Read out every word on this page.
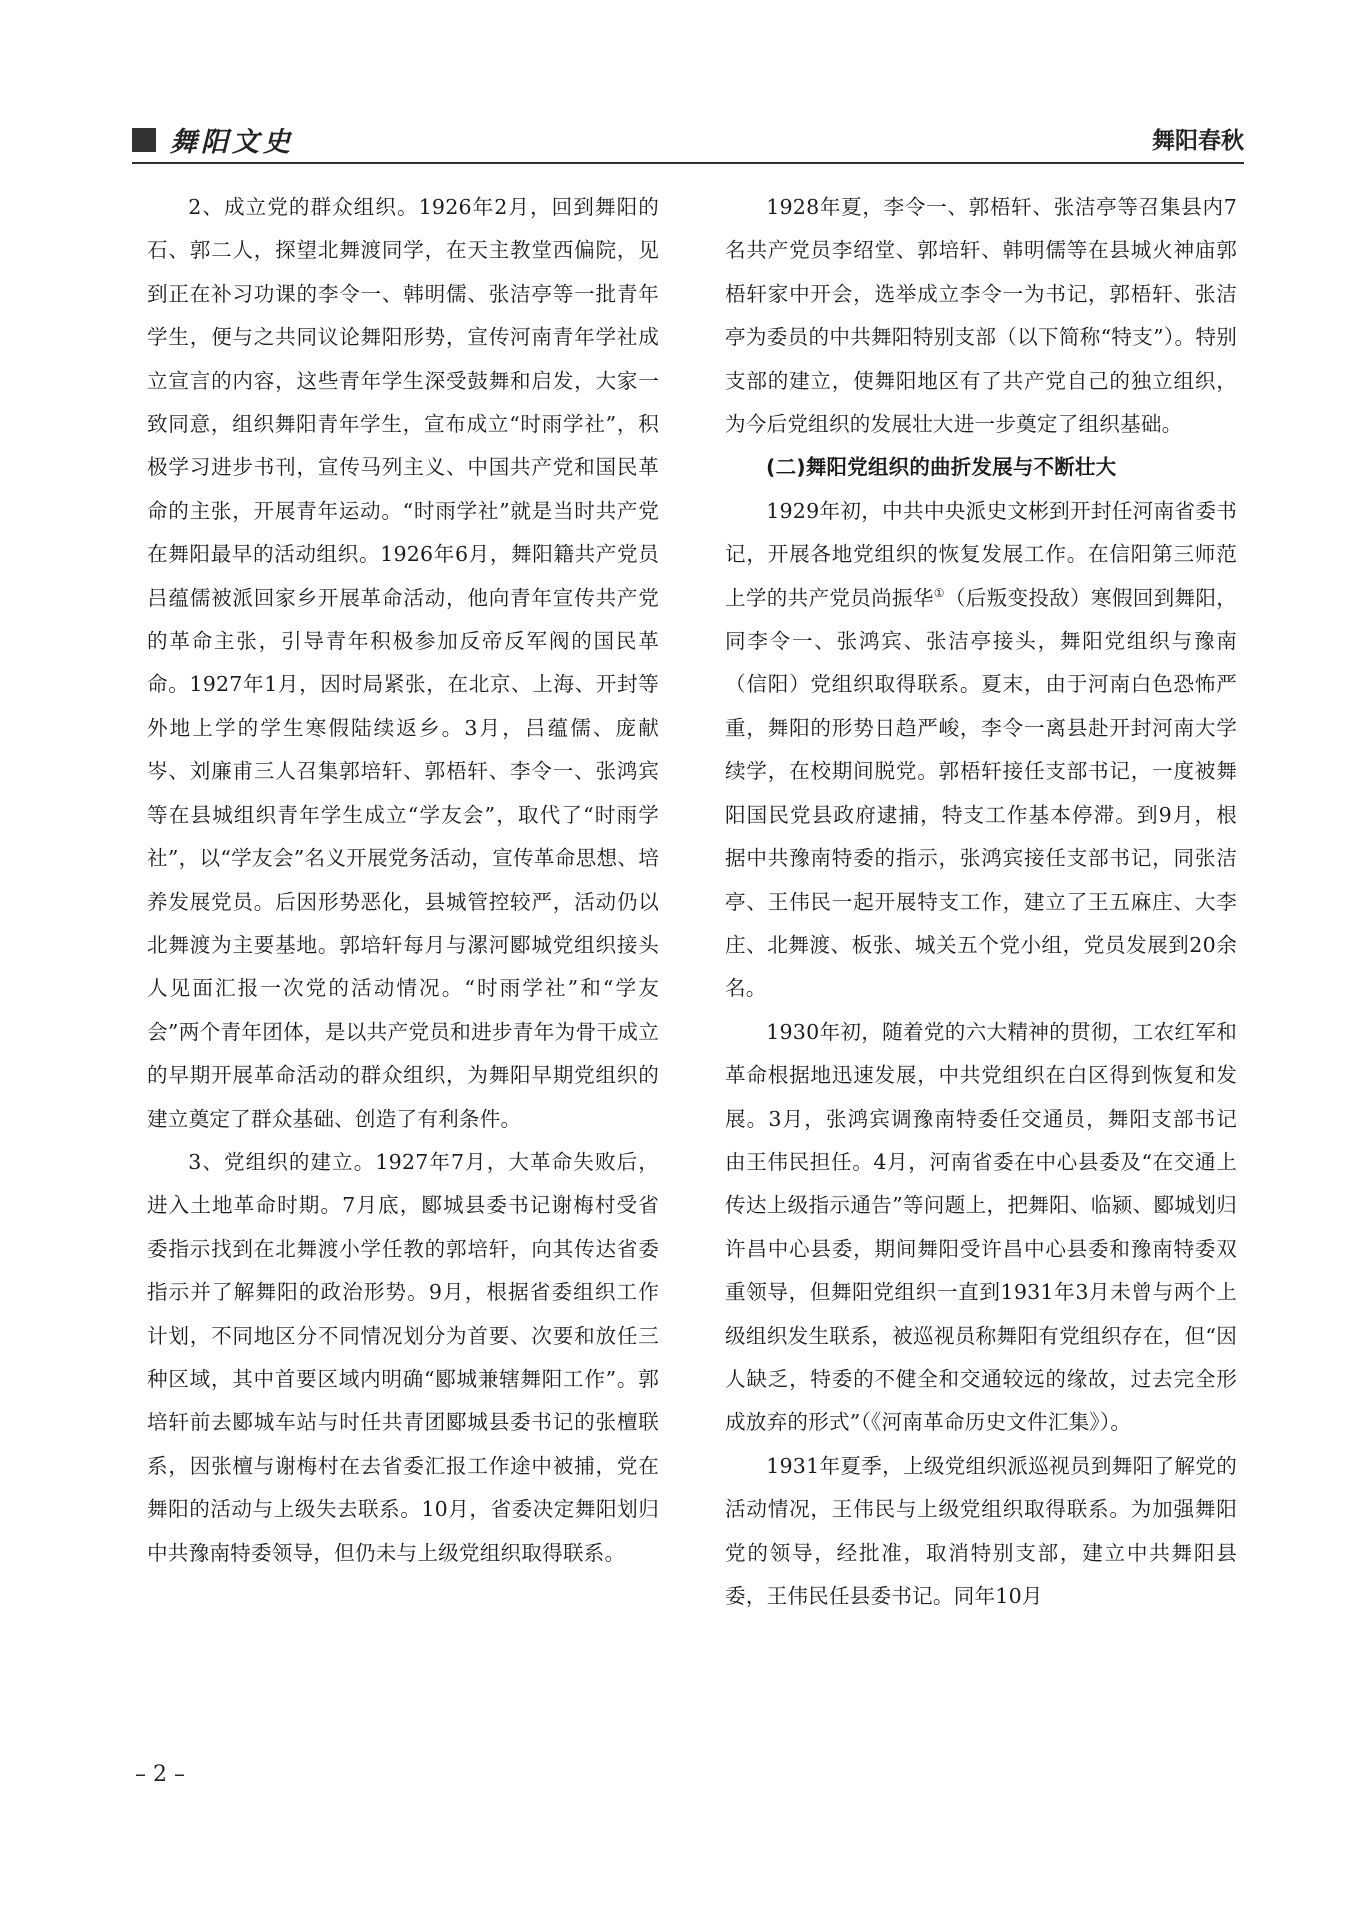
舞阳文史	舞阳春秋

2、成立党的群众组织。1926年2月，回到舞阳的石、郭二人，探望北舞渡同学，在天主教堂西偏院，见到正在补习功课的李令一、韩明儒、张洁亭等一批青年学生，便与之共同议论舞阳形势，宣传河南青年学社成立宣言的内容，这些青年学生深受鼓舞和启发，大家一致同意，组织舞阳青年学生，宣布成立“时雨学社”，积极学习进步书刊，宣传马列主义、中国共产党和国民革命的主张，开展青年运动。“时雨学社”就是当时共产党在舞阳最早的活动组织。1926年6月，舞阳籍共产党员吕蕴儒被派回家乡开展革命活动，他向青年宣传共产党的革命主张，引导青年积极参加反帝反军阀的国民革命。1927年1月，因时局紧张，在北京、上海、开封等外地上学的学生寒假陆续返乡。3月，吕蕴儒、庞献岑、刘廉甫三人召集郭培轩、郭梧轩、李令一、张鸿宾等在县城组织青年学生成立“学友会”，取代了“时雨学社”，以“学友会”名义开展党务活动，宣传革命思想、培养发展党员。后因形势恶化，县城管控较严，活动仍以北舞渡为主要基地。郭培轩每月与漯河郾城党组织接头人见面汇报一次党的活动情况。“时雨学社”和“学友会”两个青年团体，是以共产党员和进步青年为骨干成立的早期开展革命活动的群众组织，为舞阳早期党组织的建立奠定了群众基础、创造了有利条件。

3、党组织的建立。1927年7月，大革命失败后，进入土地革命时期。7月底，郾城县委书记谢梅村受省委指示找到在北舞渡小学任教的郭培轩，向其传达省委指示并了解舞阳的政治形势。9月，根据省委组织工作计划，不同地区分不同情况划分为首要、次要和放任三种区域，其中首要区域内明确“郾城兼辖舞阳工作”。郭培轩前去郾城车站与时任共青团郾城县委书记的张檀联系，因张檀与谢梅村在去省委汇报工作途中被捕，党在舞阳的活动与上级失去联系。10月，省委决定舞阳划归中共豫南特委领导，但仍未与上级党组织取得联系。

1928年夏，李令一、郭梧轩、张洁亭等召集县内7名共产党员李绍堂、郭培轩、韩明儒等在县城火神庙郭梧轩家中开会，选举成立李令一为书记，郭梧轩、张洁亭为委员的中共舞阳特别支部（以下简称“特支”）。特别支部的建立，使舞阳地区有了共产党自己的独立组织，为今后党组织的发展壮大进一步奠定了组织基础。

(二)舞阳党组织的曲折发展与不断壮大

1929年初，中共中央派史文彬到开封任河南省委书记，开展各地党组织的恢复发展工作。在信阳第三师范上学的共产党员尚振华①（后叛变投敌）寒假回到舞阳，同李令一、张鸿宾、张洁亭接头，舞阳党组织与豫南（信阳）党组织取得联系。夏末，由于河南白色恐怖严重，舞阳的形势日趋严峻，李令一离县赴开封河南大学续学，在校期间脱党。郭梧轩接任支部书记，一度被舞阳国民党县政府逮捕，特支工作基本停滞。到9月，根据中共豫南特委的指示，张鸿宾接任支部书记，同张洁亭、王伟民一起开展特支工作，建立了王五麻庄、大李庄、北舞渡、板张、城关五个党小组，党员发展到20余名。

1930年初，随着党的六大精神的贯彻，工农红军和革命根据地迅速发展，中共党组织在白区得到恢复和发展。3月，张鸿宾调豫南特委任交通员，舞阳支部书记由王伟民担任。4月，河南省委在中心县委及“在交通上传达上级指示通告”等问题上，把舞阳、临颍、郾城划归许昌中心县委，期间舞阳受许昌中心县委和豫南特委双重领导，但舞阳党组织一直到1931年3月未曾与两个上级组织发生联系，被巡视员称舞阳有党组织存在，但“因人缺乏，特委的不健全和交通较远的缘故，过去完全形成放弃的形式”（《河南革命历史文件汇集》）。

1931年夏季，上级党组织派巡视员到舞阳了解党的活动情况，王伟民与上级党组织取得联系。为加强舞阳党的领导，经批准，取消特别支部，建立中共舞阳县委，王伟民任县委书记。同年10月

– 2 –
